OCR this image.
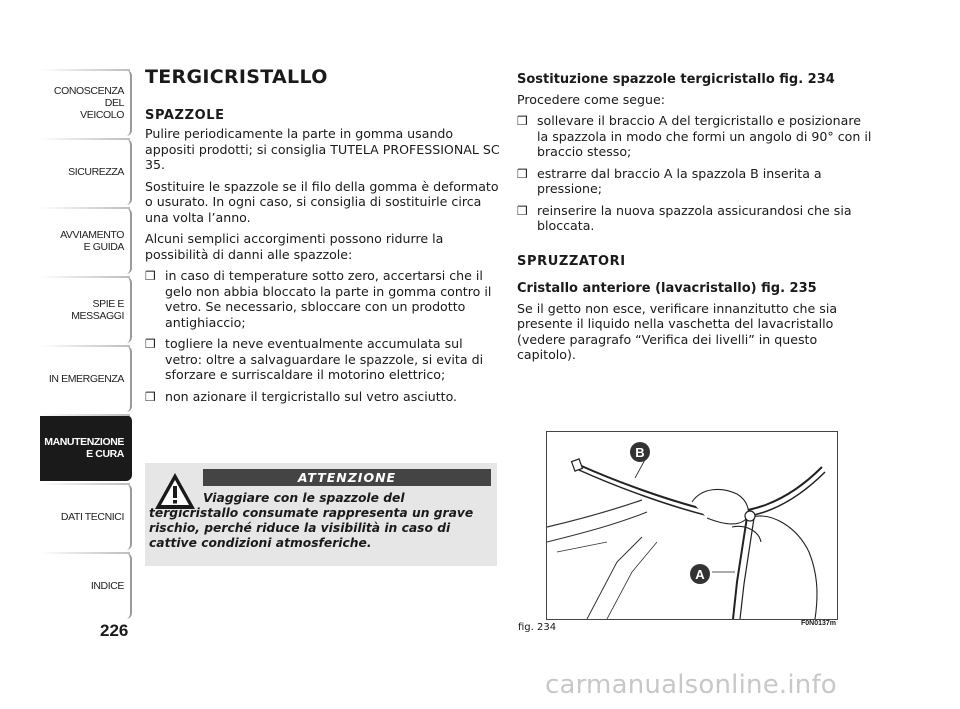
CONOSCENZA
DEL
VEICOLO
SICUREZZA
AVVIAMENTO
E GUIDA
SPIE E
MESSAGGI
IN EMERGENZA
MANUTENZIONE
E CURA
DATI TECNICI
INDICE
226
TERGICRISTALLO
SPAZZOLE

Pulire periodicamente la parte in gomma usando appositi prodotti; si consiglia TUTELA PROFESSIONAL SC 35.

Sostituire le spazzole se il filo della gomma è deformato o usurato. In ogni caso, si consiglia di sostituirle circa una volta l’anno.

Alcuni semplici accorgimenti possono ridurre la possibilità di danni alle spazzole:

❒ in caso di temperature sotto zero, accertarsi che il gelo non abbia bloccato la parte in gomma contro il vetro. Se necessario, sbloccare con un prodotto antighiaccio;
❒ togliere la neve eventualmente accumulata sul vetro: oltre a salvaguardare le spazzole, si evita di sforzare e surriscaldare il motorino elettrico;
❒ non azionare il tergicristallo sul vetro asciutto.
ATTENZIONE
Viaggiare con le spazzole del tergicristallo consumate rappresenta un grave rischio, perché riduce la visibilità in caso di cattive condizioni atmosferiche.
Sostituzione spazzole tergicristallo fig. 234

Procedere come segue:

❒ sollevare il braccio A del tergicristallo e posizionare la spazzola in modo che formi un angolo di 90° con il braccio stesso;
❒ estrarre dal braccio A la spazzola B inserita a pressione;
❒ reinserire la nuova spazzola assicurandosi che sia bloccata.
SPRUZZATORI
Cristallo anteriore (lavacristallo) fig. 235

Se il getto non esce, verificare innanzitutto che sia presente il liquido nella vaschetta del lavacristallo (vedere paragrafo “Verifica dei livelli” in questo capitolo).

B
A
fig. 234	F0N0137m
carmanualsonline.info
